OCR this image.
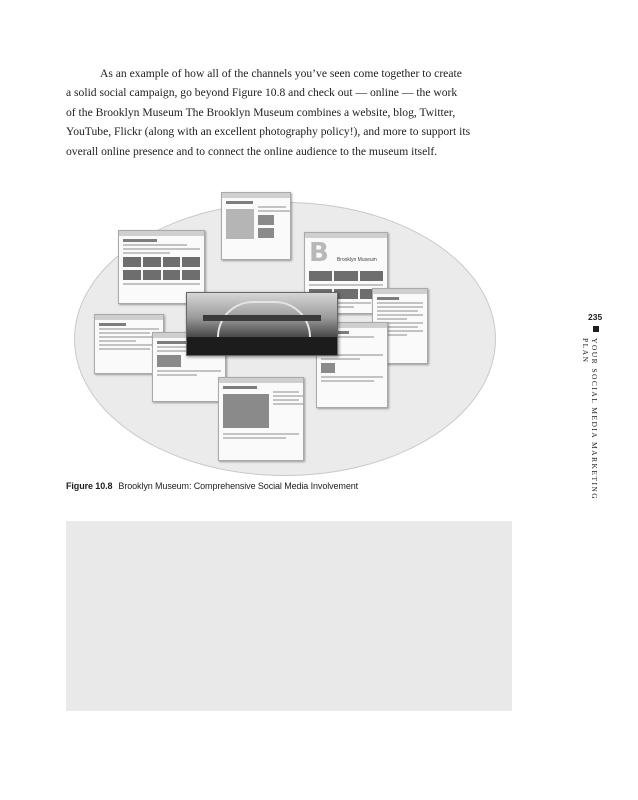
As an example of how all of the channels you’ve seen come together to create
a solid social campaign, go beyond Figure 10.8 and check out — online — the work
of the Brooklyn Museum The Brooklyn Museum combines a website, blog, Twitter,
YouTube, Flickr (along with an excellent photography policy!), and more to support its
overall online presence and to connect the online audience to the museum itself.
B Brooklyn Museum
Figure 10.8 Brooklyn Museum: Comprehensive Social Media Involvement
235
YOUR SOCIAL MEDIA MARKETING PLAN
